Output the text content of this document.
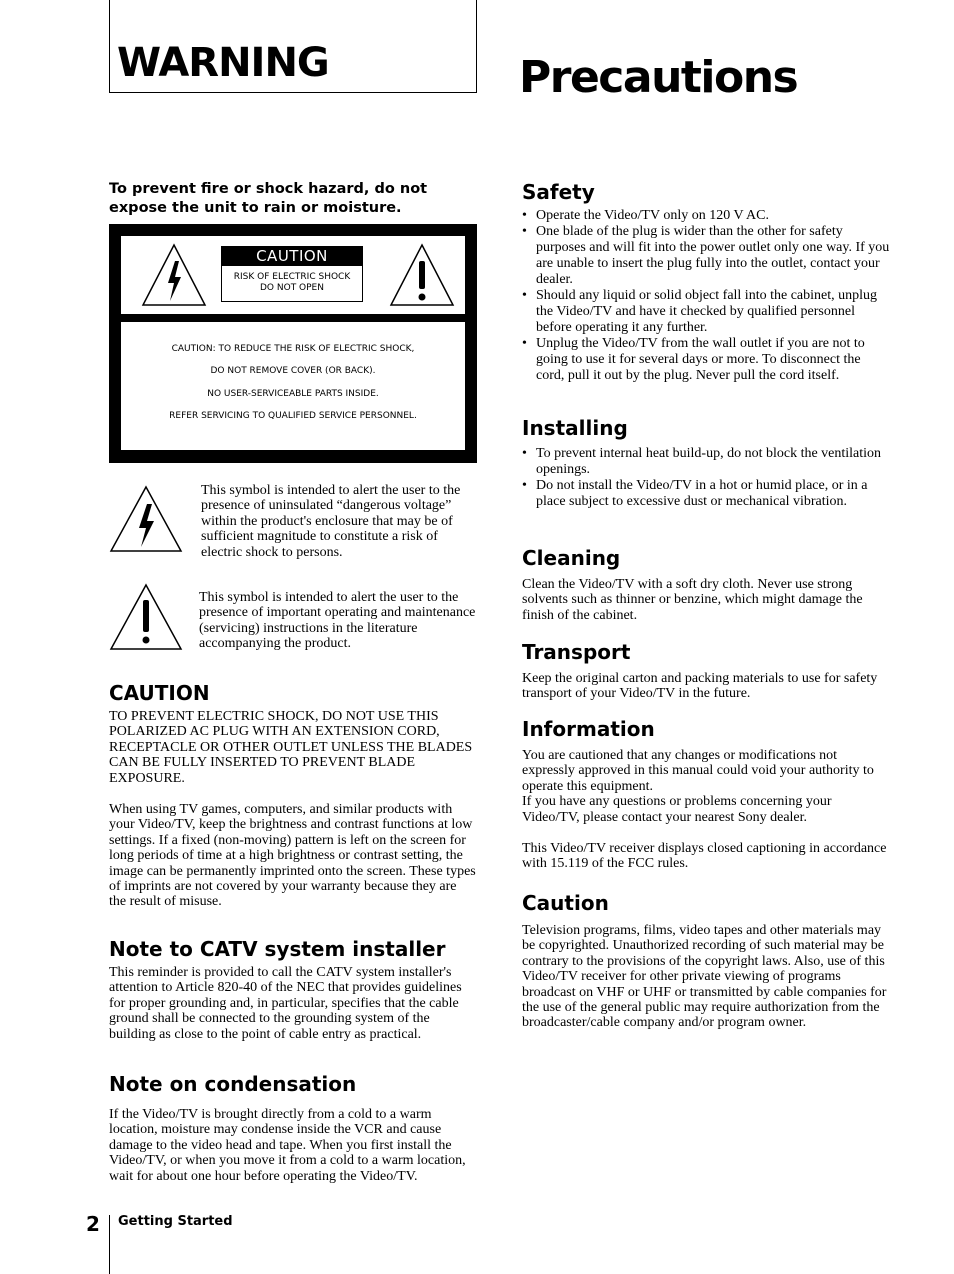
WARNING	Precautions
To prevent fire or shock hazard, do not expose the unit to rain or moisture.
CAUTION
RISK OF ELECTRIC SHOCK
DO NOT OPEN
CAUTION: TO REDUCE THE RISK OF ELECTRIC SHOCK,
DO NOT REMOVE COVER (OR BACK).
NO USER-SERVICEABLE PARTS INSIDE.
REFER SERVICING TO QUALIFIED SERVICE PERSONNEL.
This symbol is intended to alert the user to the presence of uninsulated “dangerous voltage” within the product's enclosure that may be of sufficient magnitude to constitute a risk of electric shock to persons.
This symbol is intended to alert the user to the presence of important operating and maintenance (servicing) instructions in the literature accompanying the product.
CAUTION

TO PREVENT ELECTRIC SHOCK, DO NOT USE THIS POLARIZED AC PLUG WITH AN EXTENSION CORD, RECEPTACLE OR OTHER OUTLET UNLESS THE BLADES CAN BE FULLY INSERTED TO PREVENT BLADE EXPOSURE.

When using TV games, computers, and similar products with your Video/TV, keep the brightness and contrast functions at low settings. If a fixed (non-moving) pattern is left on the screen for long periods of time at a high brightness or contrast setting, the image can be permanently imprinted onto the screen. These types of imprints are not covered by your warranty because they are the result of misuse.

Note to CATV system installer
This reminder is provided to call the CATV system installer's attention to Article 820-40 of the NEC that provides guidelines for proper grounding and, in particular, specifies that the cable ground shall be connected to the grounding system of the building as close to the point of cable entry as practical.
Note on condensation
If the Video/TV is brought directly from a cold to a warm location, moisture may condense inside the VCR and cause damage to the video head and tape. When you first install the Video/TV, or when you move it from a cold to a warm location, wait for about one hour before operating the Video/TV.
Safety
• Operate the Video/TV only on 120 V AC.
• One blade of the plug is wider than the other for safety purposes and will fit into the power outlet only one way. If you are unable to insert the plug fully into the outlet, contact your dealer.
• Should any liquid or solid object fall into the cabinet, unplug the Video/TV and have it checked by qualified personnel before operating it any further.
• Unplug the Video/TV from the wall outlet if you are not to going to use it for several days or more. To disconnect the cord, pull it out by the plug. Never pull the cord itself.
Installing
• To prevent internal heat build-up, do not block the ventilation openings.
• Do not install the Video/TV in a hot or humid place, or in a place subject to excessive dust or mechanical vibration.
Cleaning
Clean the Video/TV with a soft dry cloth. Never use strong solvents such as thinner or benzine, which might damage the finish of the cabinet.
Transport
Keep the original carton and packing materials to use for safety transport of your Video/TV in the future.
Information

You are cautioned that any changes or modifications not expressly approved in this manual could void your authority to operate this equipment.

If you have any questions or problems concerning your Video/TV, please contact your nearest Sony dealer.

This Video/TV receiver displays closed captioning in accordance with 15.119 of the FCC rules.

Caution
Television programs, films, video tapes and other materials may be copyrighted. Unauthorized recording of such material may be contrary to the provisions of the copyright laws. Also, use of this Video/TV receiver for other private viewing of programs broadcast on VHF or UHF or transmitted by cable companies for the use of the general public may require authorization from the broadcaster/cable company and/or program owner.
2 Getting Started
